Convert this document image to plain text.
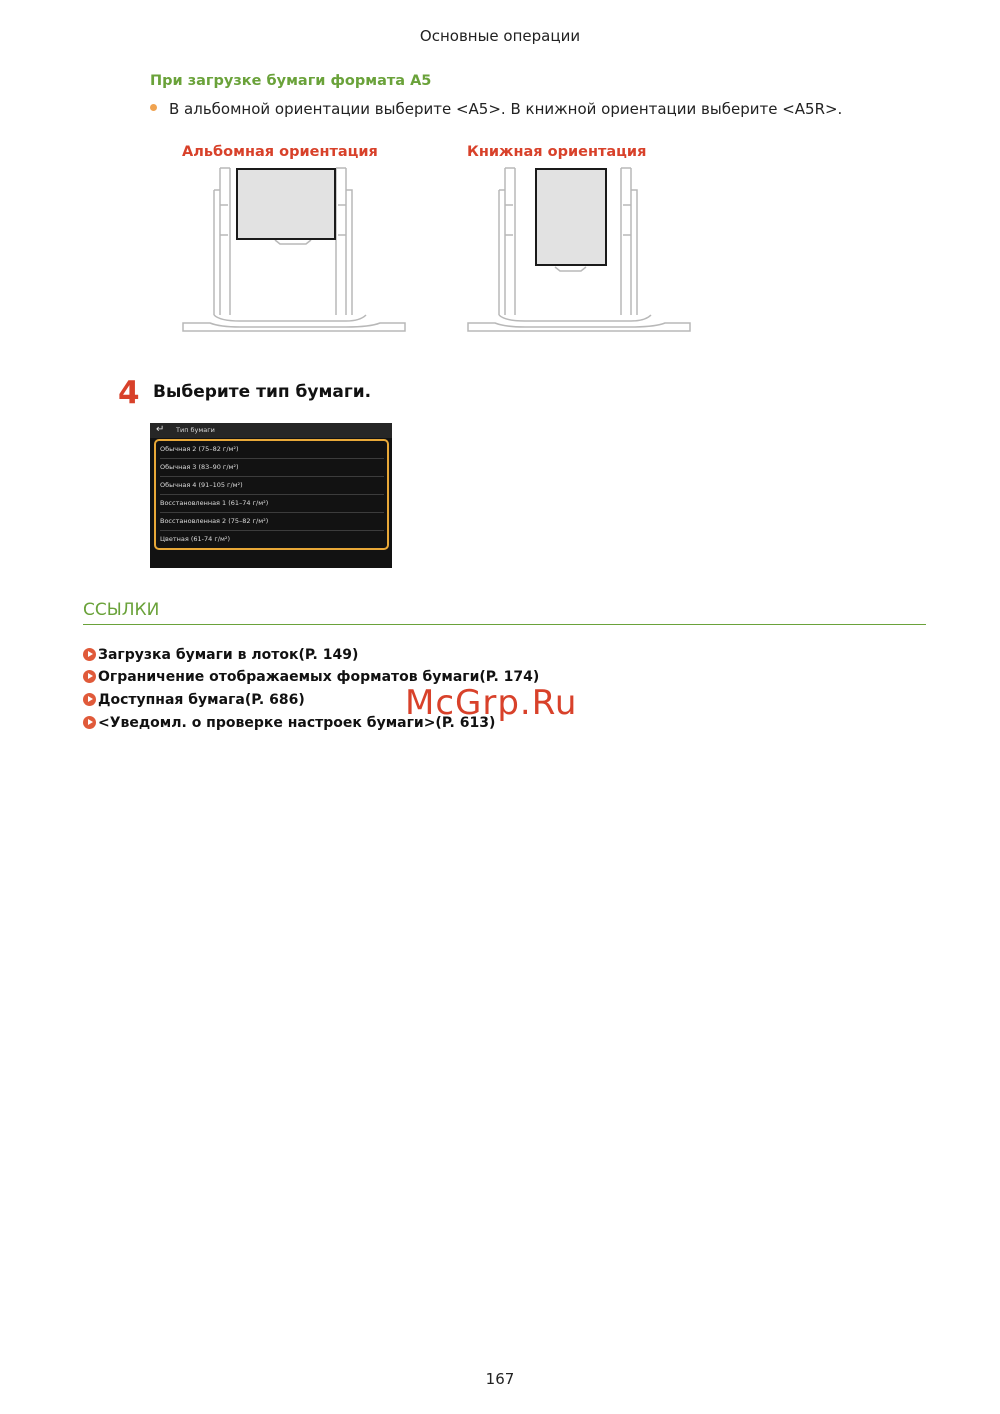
Основные операции
При загрузке бумаги формата A5
В альбомной ориентации выберите <A5>. В книжной ориентации выберите <A5R>.
Альбомная ориентация	Книжная ориентация
4 Выберите тип бумаги.
↵ Тип бумаги
Обычная 2 (75–82 г/м²)
Обычная 3 (83–90 г/м²)
Обычная 4 (91–105 г/м²)
Восстановленная 1 (61–74 г/м²)
Восстановленная 2 (75–82 г/м²)
Цветная (61-74 г/м²)
ССЫЛКИ
Загрузка бумаги в лоток(P. 149)
Ограничение отображаемых форматов бумаги(P. 174)
Доступная бумага(P. 686)
<Уведомл. о проверке настроек бумаги>(P. 613)
McGrp.Ru
167
